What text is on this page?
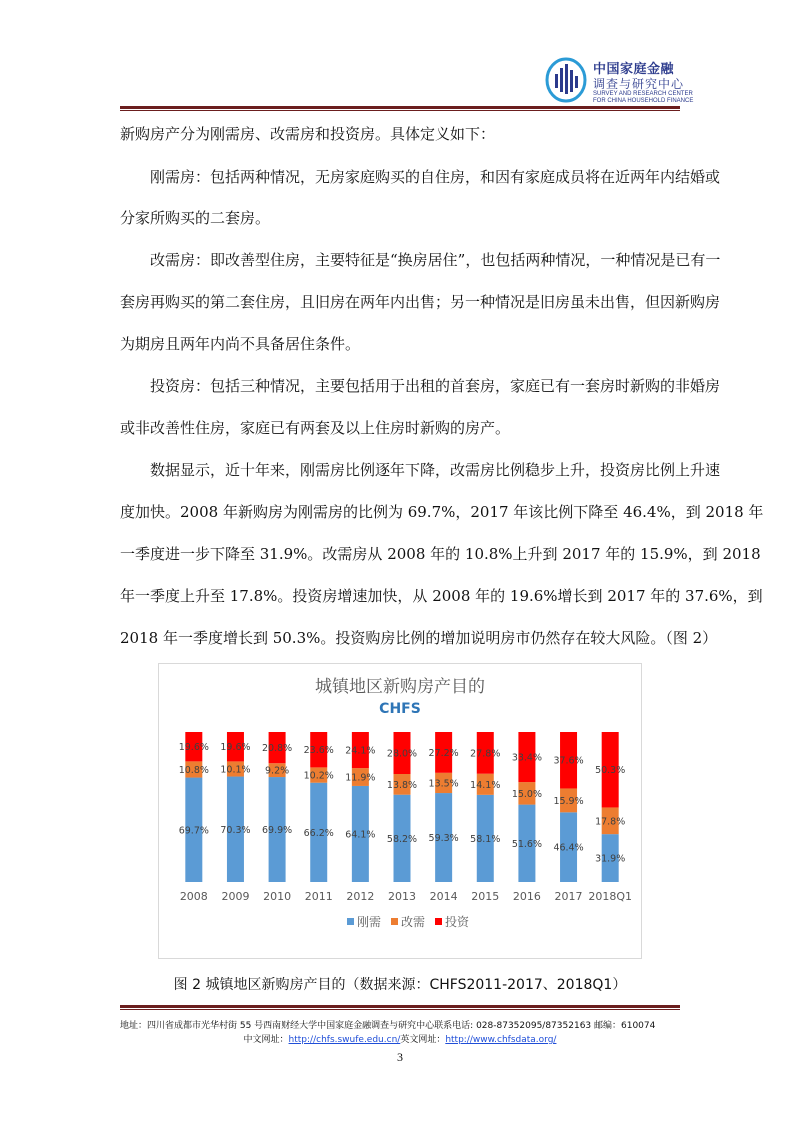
中国家庭金融
调查与研究中心
SURVEY AND RESEARCH CENTER
FOR CHINA HOUSEHOLD FINANCE
新购房产分为刚需房、改需房和投资房。具体定义如下：
　　刚需房：包括两种情况，无房家庭购买的自住房，和因有家庭成员将在近两年内结婚或
分家所购买的二套房。
　　改需房：即改善型住房，主要特征是“换房居住”，也包括两种情况，一种情况是已有一
套房再购买的第二套住房，且旧房在两年内出售；另一种情况是旧房虽未出售，但因新购房
为期房且两年内尚不具备居住条件。
　　投资房：包括三种情况，主要包括用于出租的首套房，家庭已有一套房时新购的非婚房
或非改善性住房，家庭已有两套及以上住房时新购的房产。
　　数据显示，近十年来，刚需房比例逐年下降，改需房比例稳步上升，投资房比例上升速
度加快。2008 年新购房为刚需房的比例为 69.7%，2017 年该比例下降至 46.4%，到 2018 年
一季度进一步下降至 31.9%。改需房从 2008 年的 10.8%上升到 2017 年的 15.9%，到 2018
年一季度上升至 17.8%。投资房增速加快，从 2008 年的 19.6%增长到 2017 年的 37.6%，到
2018 年一季度增长到 50.3%。投资购房比例的增加说明房市仍然存在较大风险。（图 2）
城镇地区新购房产目的
CHFS
69.7%
10.8%
19.6%
70.3%
10.1%
19.6%
69.9%
9.2%
20.8%
66.2%
10.2%
23.6%
64.1%
11.9%
24.1%
58.2%
13.8%
28.0%
59.3%
13.5%
27.2%
58.1%
14.1%
27.8%
51.6%
15.0%
33.4%
46.4%
15.9%
37.6%
31.9%
17.8%
50.3%
2008 2009 2010 2011 2012 2013 2014 2015 2016 2017 2018Q1
刚需 改需 投资
图 2 城镇地区新购房产目的（数据来源：CHFS2011-2017、2018Q1）
地址：四川省成都市光华村街 55 号西南财经大学中国家庭金融调查与研究中心联系电话: 028-87352095/87352163 邮编：610074
中文网址：http://chfs.swufe.edu.cn/英文网址：http://www.chfsdata.org/
3
